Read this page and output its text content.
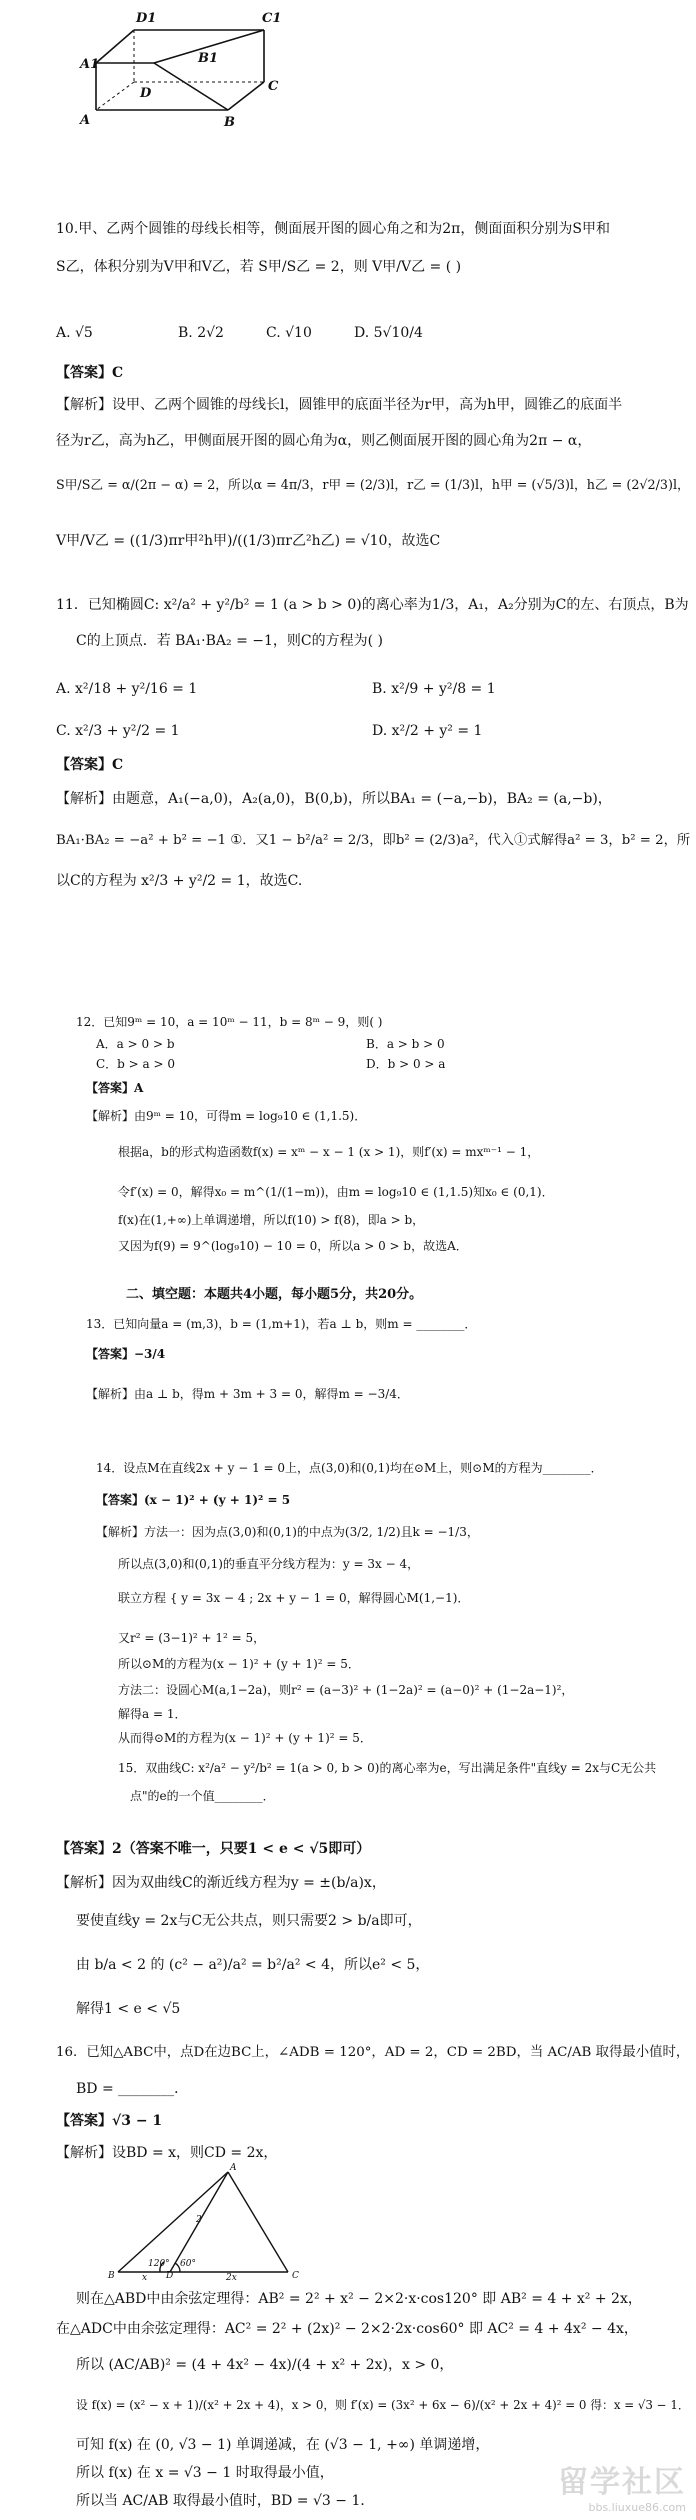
D1	C1
A1	B1
D	C
A	B
10.甲、乙两个圆锥的母线长相等，侧面展开图的圆心角之和为2π，侧面面积分别为S甲和
S乙，体积分别为V甲和V乙，若 S甲/S乙 = 2，则 V甲/V乙 = ( )
A. √5	B. 2√2	C. √10	D. 5√10/4
【答案】C
【解析】设甲、乙两个圆锥的母线长l，圆锥甲的底面半径为r甲，高为h甲，圆锥乙的底面半
径为r乙，高为h乙，甲侧面展开图的圆心角为α，则乙侧面展开图的圆心角为2π − α，
S甲/S乙 = α/(2π − α) = 2，所以α = 4π/3，r甲 = (2/3)l，r乙 = (1/3)l，h甲 = (√5/3)l，h乙 = (2√2/3)l，
V甲/V乙 = ((1/3)πr甲²h甲)/((1/3)πr乙²h乙) = √10，故选C
11．已知椭圆C: x²/a² + y²/b² = 1 (a > b > 0)的离心率为1/3，A₁，A₂分别为C的左、右顶点，B为
C的上顶点．若 BA₁·BA₂ = −1，则C的方程为( )
A. x²/18 + y²/16 = 1	B. x²/9 + y²/8 = 1
C. x²/3 + y²/2 = 1	D. x²/2 + y² = 1
【答案】C
【解析】由题意，A₁(−a,0)，A₂(a,0)，B(0,b)，所以BA₁ = (−a,−b)，BA₂ = (a,−b)，
BA₁·BA₂ = −a² + b² = −1 ①．又1 − b²/a² = 2/3，即b² = (2/3)a²，代入①式解得a² = 3，b² = 2，所
以C的方程为 x²/3 + y²/2 = 1，故选C.
12．已知9ᵐ = 10，a = 10ᵐ − 11，b = 8ᵐ − 9，则( )
A．a > 0 > b	B．a > b > 0
C．b > a > 0	D．b > 0 > a
【答案】A
【解析】由9ᵐ = 10，可得m = log₉10 ∈ (1,1.5)．
根据a，b的形式构造函数f(x) = xᵐ − x − 1 (x > 1)，则f′(x) = mxᵐ⁻¹ − 1，
令f′(x) = 0，解得x₀ = m^(1/(1−m))，由m = log₉10 ∈ (1,1.5)知x₀ ∈ (0,1)．
f(x)在(1,+∞)上单调递增，所以f(10) > f(8)，即a > b，
又因为f(9) = 9^(log₉10) − 10 = 0，所以a > 0 > b，故选A．
二、填空题：本题共4小题，每小题5分，共20分。
13．已知向量a = (m,3)，b = (1,m+1)，若a ⊥ b，则m = ________．
【答案】−3/4
【解析】由a ⊥ b，得m + 3m + 3 = 0，解得m = −3/4．
14．设点M在直线2x + y − 1 = 0上，点(3,0)和(0,1)均在⊙M上，则⊙M的方程为________．
【答案】(x − 1)² + (y + 1)² = 5
【解析】方法一：因为点(3,0)和(0,1)的中点为(3/2, 1/2)且k = −1/3，
所以点(3,0)和(0,1)的垂直平分线方程为：y = 3x − 4，
联立方程 { y = 3x − 4 ; 2x + y − 1 = 0，解得圆心M(1,−1)．
又r² = (3−1)² + 1² = 5，
所以⊙M的方程为(x − 1)² + (y + 1)² = 5．
方法二：设圆心M(a,1−2a)，则r² = (a−3)² + (1−2a)² = (a−0)² + (1−2a−1)²，
解得a = 1．
从而得⊙M的方程为(x − 1)² + (y + 1)² = 5．
15．双曲线C: x²/a² − y²/b² = 1(a > 0, b > 0)的离心率为e，写出满足条件"直线y = 2x与C无公共
点"的e的一个值________．
【答案】2（答案不唯一，只要1 < e < √5即可）
【解析】因为双曲线C的渐近线方程为y = ±(b/a)x，
要使直线y = 2x与C无公共点，则只需要2 > b/a即可，
由 b/a < 2 的 (c² − a²)/a² = b²/a² < 4，所以e² < 5，
解得1 < e < √5
16．已知△ABC中，点D在边BC上，∠ADB = 120°，AD = 2，CD = 2BD，当 AC/AB 取得最小值时，
BD = ________．
【答案】√3 − 1
【解析】设BD = x，则CD = 2x，
A
B	D	C
120° 60°
2
x	2x
则在△ABD中由余弦定理得：AB² = 2² + x² − 2×2·x·cos120° 即 AB² = 4 + x² + 2x，
在△ADC中由余弦定理得：AC² = 2² + (2x)² − 2×2·2x·cos60° 即 AC² = 4 + 4x² − 4x，
所以 (AC/AB)² = (4 + 4x² − 4x)/(4 + x² + 2x)，x > 0，
设 f(x) = (x² − x + 1)/(x² + 2x + 4)，x > 0，则 f′(x) = (3x² + 6x − 6)/(x² + 2x + 4)² = 0 得：x = √3 − 1．
可知 f(x) 在 (0, √3 − 1) 单调递减，在 (√3 − 1, +∞) 单调递增，
所以 f(x) 在 x = √3 − 1 时取得最小值，
所以当 AC/AB 取得最小值时，BD = √3 − 1．
留学社区
bbs.liuxue86.com
